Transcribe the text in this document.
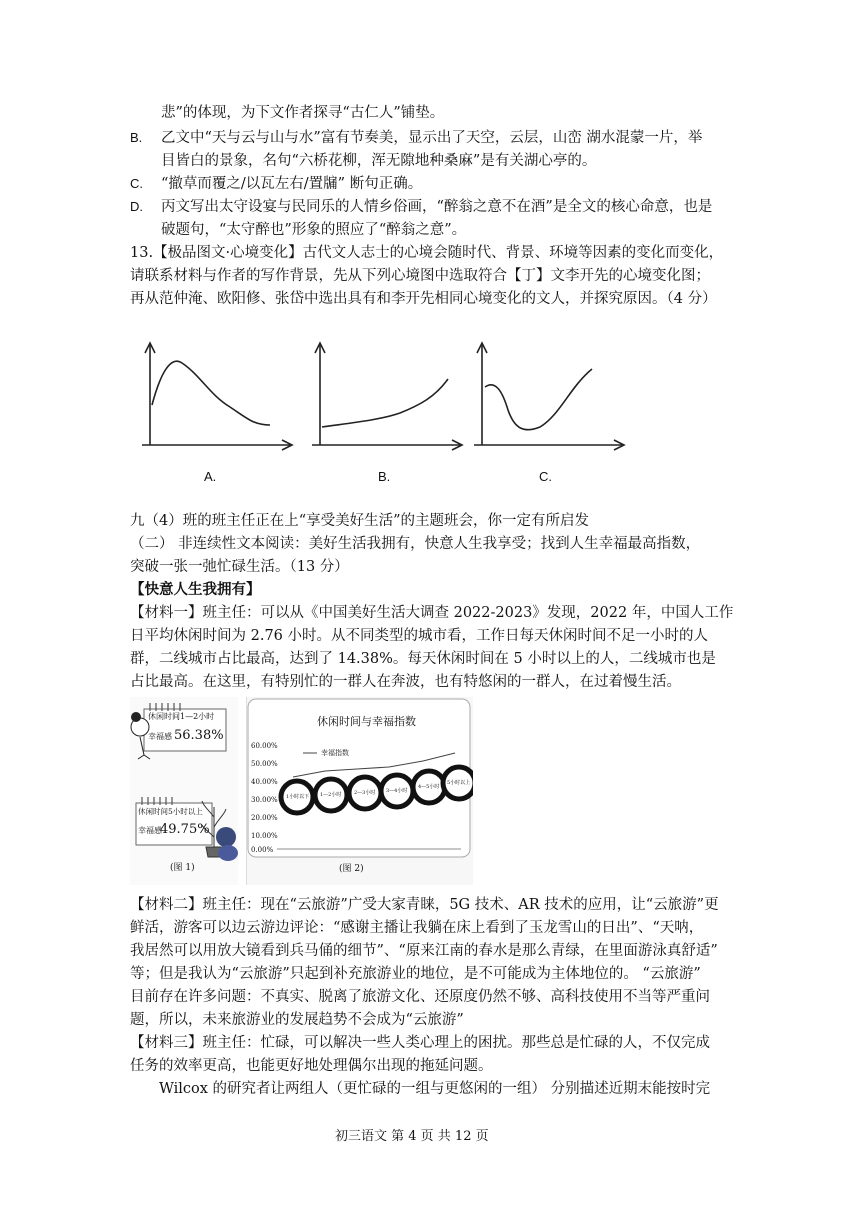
悲”的体现，为下文作者探寻“古仁人”铺垫。
B. 乙文中“天与云与山与水”富有节奏美，显示出了天空，云层，山峦 湖水混蒙一片，举
目皆白的景象，名句“六桥花柳，浑无隙地种桑麻”是有关湖心亭的。
C. “撤草而覆之/以瓦左右/置牖” 断句正确。
D. 丙文写出太守设宴与民同乐的人情乡俗画，“醉翁之意不在酒”是全文的核心命意，也是
破题句，“太守醉也”形象的照应了“醉翁之意”。
13.【极品图文·心境变化】古代文人志士的心境会随时代、背景、环境等因素的变化而变化，
请联系材料与作者的写作背景，先从下列心境图中选取符合【丁】文李开先的心境变化图；
再从范仲淹、欧阳修、张岱中选出具有和李开先相同心境变化的文人，并探究原因。（4 分）
A.	B.	C.
九（4）班的班主任正在上“享受美好生活”的主题班会，你一定有所启发
（二） 非连续性文本阅读：美好生活我拥有，快意人生我享受；找到人生幸福最高指数，
突破一张一弛忙碌生活。（13 分）
【快意人生我拥有】
【材料一】班主任：可以从《中国美好生活大调查 2022-2023》发现，2022 年，中国人工作
日平均休闲时间为 2.76 小时。从不同类型的城市看，工作日每天休闲时间不足一小时的人
群，二线城市占比最高，达到了 14.38%。每天休闲时间在 5 小时以上的人，二线城市也是
占比最高。在这里，有特别忙的一群人在奔波，也有特悠闲的一群人，在过着慢生活。
休闲时间1—2小时
幸福感 56.38%
休闲时间5小时以上
幸福感
49.75%
(图 1)
休闲时间与幸福指数
幸福指数
60.00%
50.00%
40.00%
30.00%
20.00%
10.00%
0.00%
1小时以下 1—2小时	2—3小时 3—4小时
4—5小时
5小时以上
(图 2)
【材料二】班主任：现在“云旅游”广受大家青睐，5G 技术、AR 技术的应用，让“云旅游”更
鲜活，游客可以边云游边评论：“感谢主播让我躺在床上看到了玉龙雪山的日出”、“天呐，
我居然可以用放大镜看到兵马俑的细节”、“原来江南的春水是那么青绿，在里面游泳真舒适”
等；但是我认为“云旅游”只起到补充旅游业的地位，是不可能成为主体地位的。 “云旅游”
目前存在许多问题：不真实、脱离了旅游文化、还原度仍然不够、高科技使用不当等严重问
题，所以，未来旅游业的发展趋势不会成为“云旅游”
【材料三】班主任：忙碌，可以解决一些人类心理上的困扰。那些总是忙碌的人，不仅完成
任务的效率更高，也能更好地处理偶尔出现的拖延问题。
Wilcox 的研究者让两组人（更忙碌的一组与更悠闲的一组） 分别描述近期末能按时完
初三语文 第 4 页 共 12 页
